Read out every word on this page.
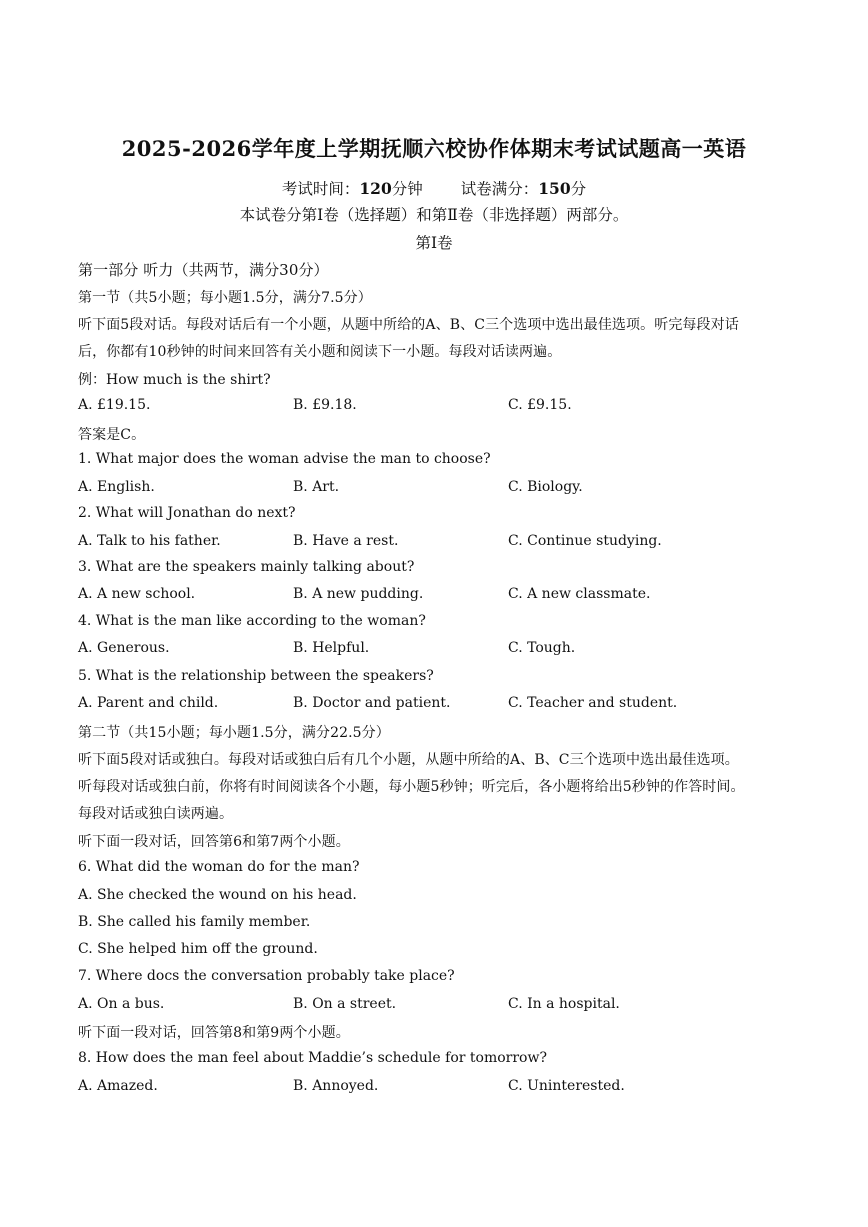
2025-2026学年度上学期抚顺六校协作体期末考试试题高一英语
考试时间：120分钟 试卷满分：150分
本试卷分第Ⅰ卷（选择题）和第Ⅱ卷（非选择题）两部分。
第Ⅰ卷
第一部分 听力（共两节，满分30分）
第一节（共5小题；每小题1.5分，满分7.5分）
听下面5段对话。每段对话后有一个小题，从题中所给的A、B、C三个选项中选出最佳选项。听完每段对话
后，你都有10秒钟的时间来回答有关小题和阅读下一小题。每段对话读两遍。
例：How much is the shirt?
A. £19.15.	B. £9.18.	C. £9.15.
答案是C。
1. What major does the woman advise the man to choose?
A. English.	B. Art.	C. Biology.
2. What will Jonathan do next?
A. Talk to his father.	B. Have a rest.	C. Continue studying.
3. What are the speakers mainly talking about?
A. A new school.	B. A new pudding.	C. A new classmate.
4. What is the man like according to the woman?
A. Generous.	B. Helpful.	C. Tough.
5. What is the relationship between the speakers?
A. Parent and child.	B. Doctor and patient.	C. Teacher and student.
第二节（共15小题；每小题1.5分，满分22.5分）
听下面5段对话或独白。每段对话或独白后有几个小题，从题中所给的A、B、C三个选项中选出最佳选项。
听每段对话或独白前，你将有时间阅读各个小题，每小题5秒钟；听完后，各小题将给出5秒钟的作答时间。
每段对话或独白读两遍。
听下面一段对话，回答第6和第7两个小题。
6. What did the woman do for the man?
A. She checked the wound on his head.
B. She called his family member.
C. She helped him off the ground.
7. Where docs the conversation probably take place?
A. On a bus.	B. On a street.	C. In a hospital.
听下面一段对话，回答第8和第9两个小题。
8. How does the man feel about Maddie’s schedule for tomorrow?
A. Amazed.	B. Annoyed.	C. Uninterested.
